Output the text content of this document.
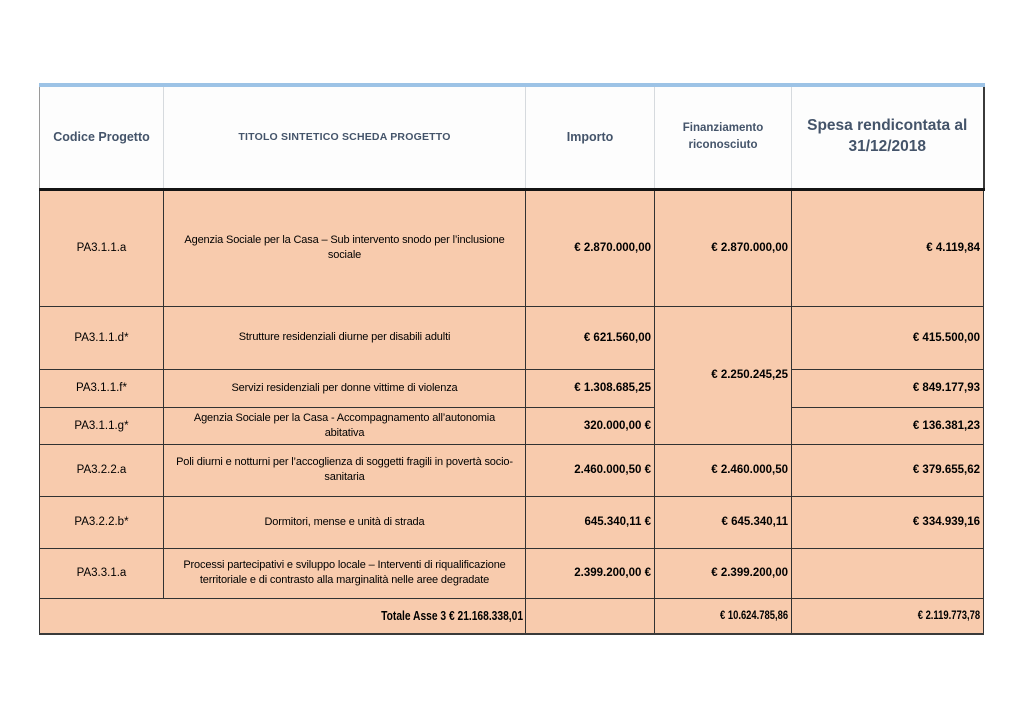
Codice Progetto	TITOLO SINTETICO SCHEDA PROGETTO	Importo	Finanziamento riconosciuto	Spesa rendicontata al 31/12/2018
PA3.1.1.a	Agenzia Sociale per la Casa – Sub intervento snodo per l’inclusione sociale	€ 2.870.000,00	€ 2.870.000,00	€ 4.119,84
PA3.1.1.d*	Strutture residenziali diurne per disabili adulti	€ 621.560,00	€ 2.250.245,25	€ 415.500,00
PA3.1.1.f*	Servizi residenziali per donne vittime di violenza	€ 1.308.685,25		€ 849.177,93
PA3.1.1.g*	Agenzia Sociale per la Casa - Accompagnamento all’autonomia abitativa	320.000,00 €		€ 136.381,23
PA3.2.2.a	Poli diurni e notturni per l’accoglienza di soggetti fragili in povertà socio- sanitaria	2.460.000,50 €	€ 2.460.000,50	€ 379.655,62
PA3.2.2.b*	Dormitori, mense e unità di strada	645.340,11 €	€ 645.340,11	€ 334.939,16
PA3.3.1.a	Processi partecipativi e sviluppo locale – Interventi di riqualificazione territoriale e di contrasto alla marginalità nelle aree degradate	2.399.200,00 €	€ 2.399.200,00	
Totale Asse 3 € 21.168.338,01			€ 10.624.785,86	€ 2.119.773,78
